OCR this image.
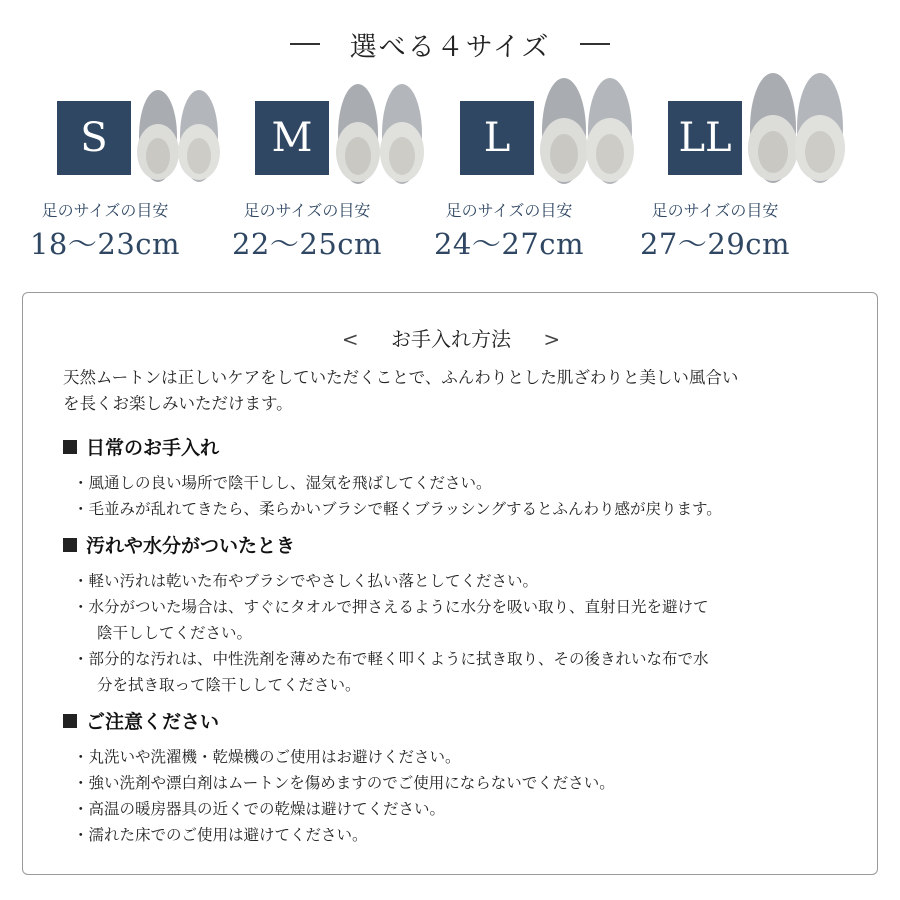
選べる４サイズ
S
足のサイズの目安
18〜23cm
M
足のサイズの目安
22〜25cm
L
足のサイズの目安
24〜27cm
LL
足のサイズの目安
27〜29cm
< お手入れ方法 >
天然ムートンは正しいケアをしていただくことで、ふんわりとした肌ざわりと美しい風合い
を長くお楽しみいただけます。
日常のお手入れ
・風通しの良い場所で陰干しし、湿気を飛ばしてください。
・毛並みが乱れてきたら、柔らかいブラシで軽くブラッシングするとふんわり感が戻ります。
汚れや水分がついたとき
・軽い汚れは乾いた布やブラシでやさしく払い落としてください。
・水分がついた場合は、すぐにタオルで押さえるように水分を吸い取り、直射日光を避けて
陰干ししてください。
・部分的な汚れは、中性洗剤を薄めた布で軽く叩くように拭き取り、その後きれいな布で水
分を拭き取って陰干ししてください。
ご注意ください
・丸洗いや洗濯機・乾燥機のご使用はお避けください。
・強い洗剤や漂白剤はムートンを傷めますのでご使用にならないでください。
・高温の暖房器具の近くでの乾燥は避けてください。
・濡れた床でのご使用は避けてください。
